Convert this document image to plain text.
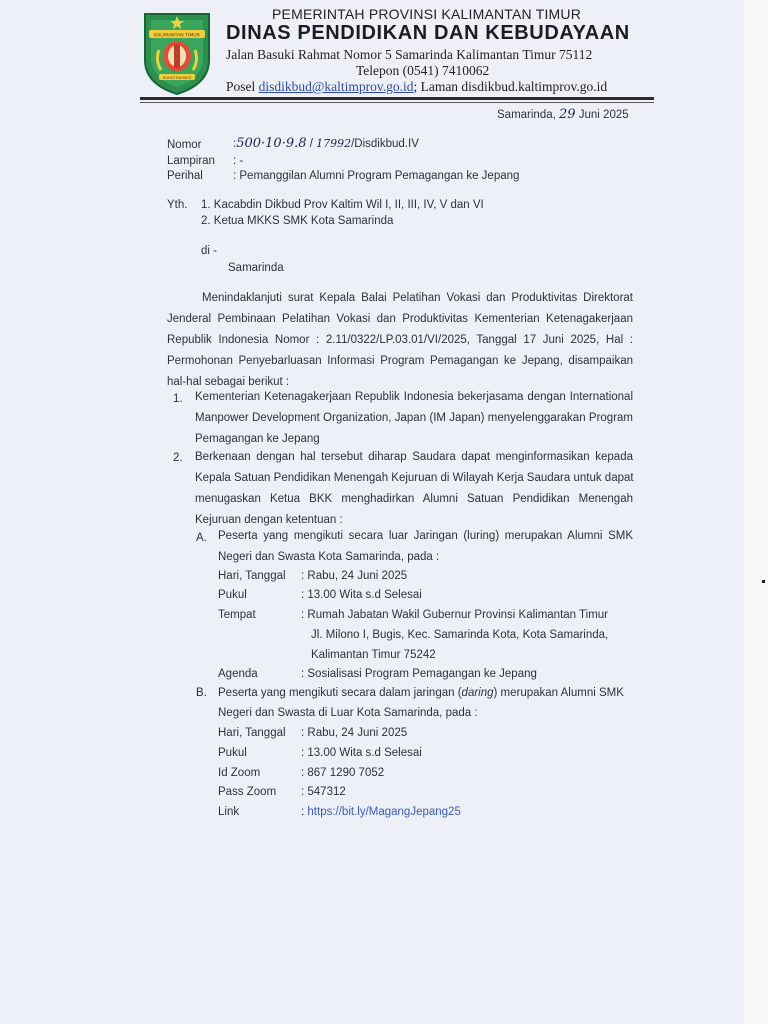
KALIMANTAN TIMUR
RUHUI RAHAYU
PEMERINTAH PROVINSI KALIMANTAN TIMUR
DINAS PENDIDIKAN DAN KEBUDAYAAN
Jalan Basuki Rahmat Nomor 5 Samarinda Kalimantan Timur 75112
Telepon (0541) 7410062
Posel disdikbud@kaltimprov.go.id; Laman disdikbud.kaltimprov.go.id
Samarinda, 29 Juni 2025
Nomor	:500·10·9.8 / 17992/Disdikbud.IV
Lampiran : -
Perihal	: Pemanggilan Alumni Program Pemagangan ke Jepang
Yth. 1. Kacabdin Dikbud Prov Kaltim Wil I, II, III, IV, V dan VI
2. Ketua MKKS SMK Kota Samarinda
di -
Samarinda
Menindaklanjuti surat Kepala Balai Pelatihan Vokasi dan Produktivitas Direktorat
Jenderal Pembinaan Pelatihan Vokasi dan Produktivitas Kementerian Ketenagakerjaan
Republik Indonesia Nomor : 2.11/0322/LP.03.01/VI/2025, Tanggal 17 Juni 2025, Hal :
Permohonan Penyebarluasan Informasi Program Pemagangan ke Jepang, disampaikan
hal-hal sebagai berikut :
1. Kementerian Ketenagakerjaan Republik Indonesia bekerjasama dengan International
Manpower Development Organization, Japan (IM Japan) menyelenggarakan Program
Pemagangan ke Jepang
2. Berkenaan dengan hal tersebut diharap Saudara dapat menginformasikan kepada
Kepala Satuan Pendidikan Menengah Kejuruan di Wilayah Kerja Saudara untuk dapat
menugaskan Ketua BKK menghadirkan Alumni Satuan Pendidikan Menengah
Kejuruan dengan ketentuan :
A. Peserta yang mengikuti secara luar Jaringan (luring) merupakan Alumni SMK
Negeri dan Swasta Kota Samarinda, pada :
Hari, Tanggal : Rabu, 24 Juni 2025
Pukul	: 13.00 Wita s.d Selesai
Tempat	: Rumah Jabatan Wakil Gubernur Provinsi Kalimantan Timur
Jl. Milono I, Bugis, Kec. Samarinda Kota, Kota Samarinda,
Kalimantan Timur 75242
Agenda	: Sosialisasi Program Pemagangan ke Jepang
B. Peserta yang mengikuti secara dalam jaringan (daring) merupakan Alumni SMK
Negeri dan Swasta di Luar Kota Samarinda, pada :
Hari, Tanggal : Rabu, 24 Juni 2025
Pukul	: 13.00 Wita s.d Selesai
Id Zoom	: 867 1290 7052
Pass Zoom : 547312
Link	: https://bit.ly/MagangJepang25
